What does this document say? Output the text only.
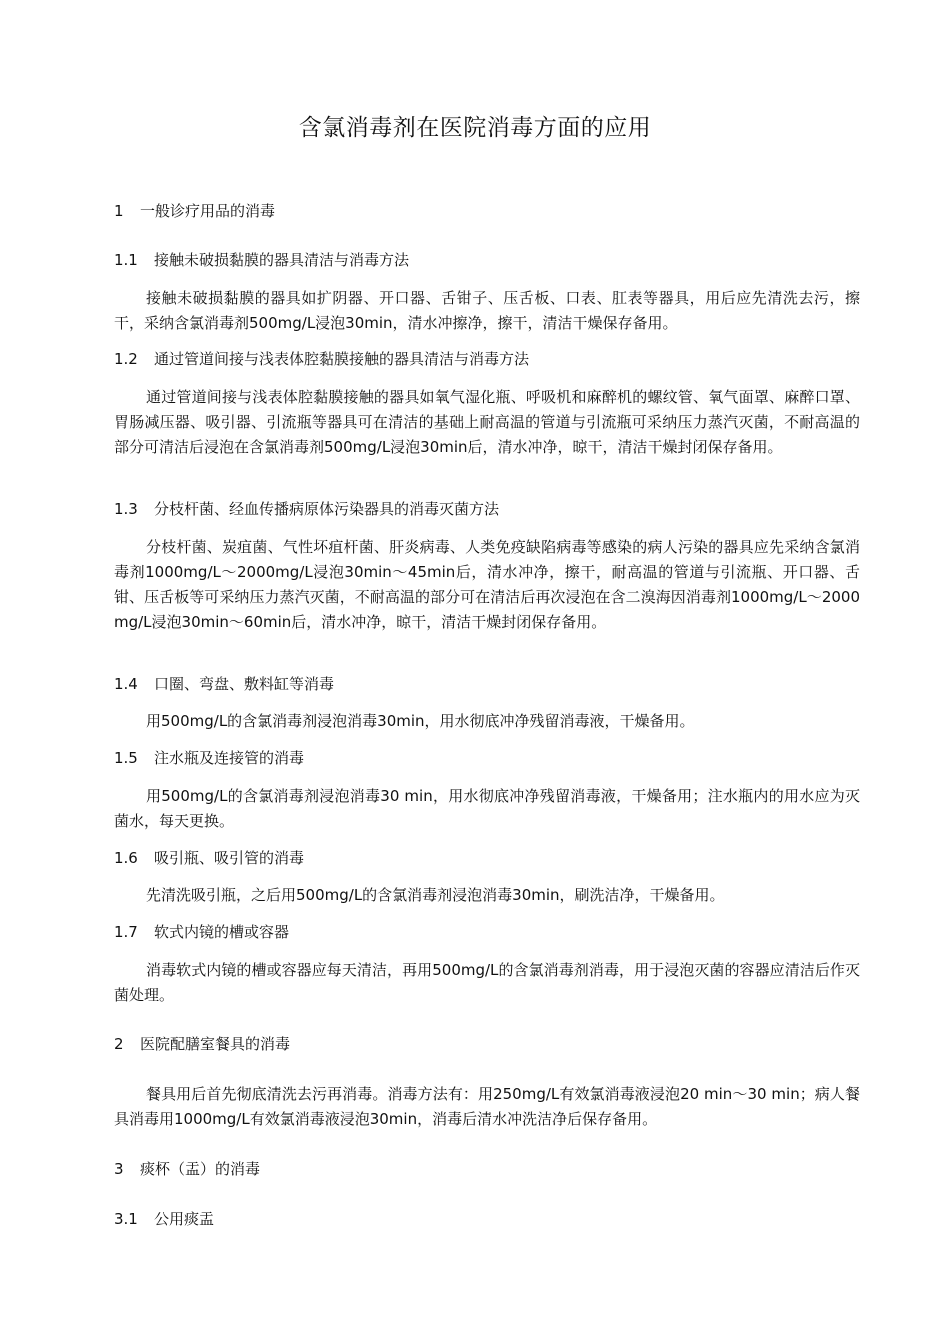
含氯消毒剂在医院消毒方面的应用
1 一般诊疗用品的消毒
1.1 接触未破损黏膜的器具清洁与消毒方法
接触未破损黏膜的器具如扩阴器、开口器、舌钳子、压舌板、口表、肛表等器具，用后应先清洗去污，擦干，采纳含氯消毒剂500mg/L浸泡30min，清水冲擦净，擦干，清洁干燥保存备用。
1.2 通过管道间接与浅表体腔黏膜接触的器具清洁与消毒方法
通过管道间接与浅表体腔黏膜接触的器具如氧气湿化瓶、呼吸机和麻醉机的螺纹管、氧气面罩、麻醉口罩、胃肠减压器、吸引器、引流瓶等器具可在清洁的基础上耐高温的管道与引流瓶可采纳压力蒸汽灭菌，不耐高温的部分可清洁后浸泡在含氯消毒剂500mg/L浸泡30min后，清水冲净，晾干，清洁干燥封闭保存备用。
1.3 分枝杆菌、经血传播病原体污染器具的消毒灭菌方法
分枝杆菌、炭疽菌、气性坏疽杆菌、肝炎病毒、人类免疫缺陷病毒等感染的病人污染的器具应先采纳含氯消毒剂1000mg/L～2000mg/L浸泡30min～45min后，清水冲净，擦干，耐高温的管道与引流瓶、开口器、舌钳、压舌板等可采纳压力蒸汽灭菌，不耐高温的部分可在清洁后再次浸泡在含二溴海因消毒剂1000mg/L～2000mg/L浸泡30min～60min后，清水冲净，晾干，清洁干燥封闭保存备用。
1.4 口圈、弯盘、敷料缸等消毒
用500mg/L的含氯消毒剂浸泡消毒30min，用水彻底冲净残留消毒液，干燥备用。
1.5 注水瓶及连接管的消毒
用500mg/L的含氯消毒剂浸泡消毒30 min，用水彻底冲净残留消毒液，干燥备用；注水瓶内的用水应为灭菌水，每天更换。
1.6 吸引瓶、吸引管的消毒
先清洗吸引瓶，之后用500mg/L的含氯消毒剂浸泡消毒30min，刷洗洁净，干燥备用。
1.7 软式内镜的槽或容器
消毒软式内镜的槽或容器应每天清洁，再用500mg/L的含氯消毒剂消毒，用于浸泡灭菌的容器应清洁后作灭菌处理。
2 医院配膳室餐具的消毒
餐具用后首先彻底清洗去污再消毒。消毒方法有：用250mg/L有效氯消毒液浸泡20 min～30 min；病人餐具消毒用1000mg/L有效氯消毒液浸泡30min，消毒后清水冲洗洁净后保存备用。
3 痰杯（盂）的消毒
3.1 公用痰盂
